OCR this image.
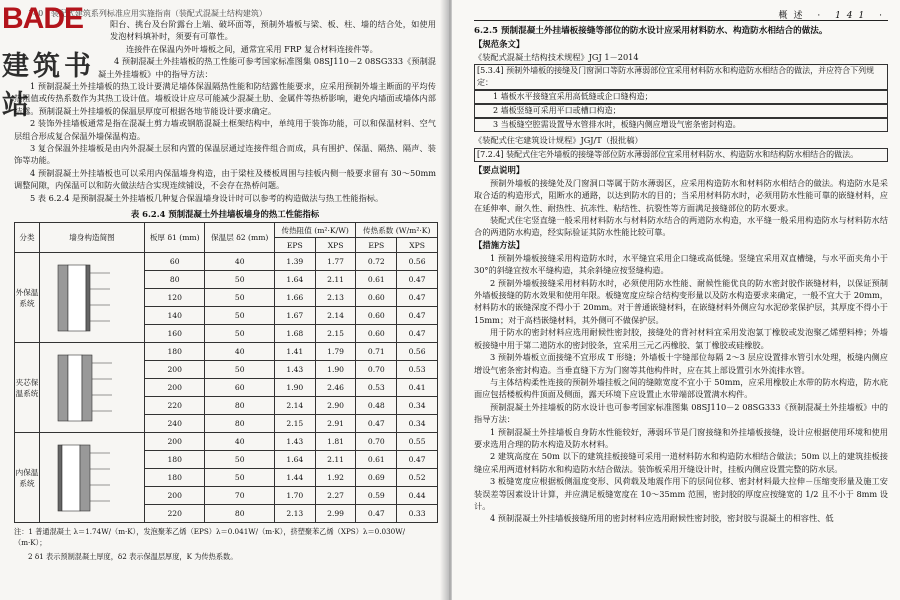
140 · 装配式建筑系列标准应用实施指南（装配式混凝土结构建筑）

阳台、挑台及台阶露台上端、破坏面等，预制外墙板与梁、板、柱、墙的结合处，如使用发泡材料填补时，须要有可靠性。

连接件在保温内外叶墙板之间，通常宜采用 FRP 复合材料连接件等。

4 预制混凝土外挂墙板的热工性能可参考国家标准图集 08SJ110－2 08SG333《预制混凝土外挂墙板》中的指导方法：

1 预制混凝土外挂墙板的热工设计要满足墙体保温隔热性能和防结露性能要求，应采用预制外墙主断面的平均传热阻值或传热系数作为其热工设计值。墙板设计应尽可能减少混凝土肋、金属件等热桥影响，避免内墙面或墙体内部结露。预制混凝土外挂墙板的保温层厚度可根据各地节能设计要求确定。

2 装饰外挂墙板通常是指在混凝土剪力墙或钢筋混凝土框架结构中，单纯用于装饰功能，可以和保温材料、空气层组合形成复合保温外墙保温构造。

3 复合保温外挂墙板是由内外混凝土层和内置的保温层通过连接件组合而成，具有围护、保温、隔热、隔声、装饰等功能。

4 预制混凝土外挂墙板也可以采用内保温墙身构造，由于梁柱及楼板周围与挂板内侧一般要求留有 30～50mm 调整间隙，内保温可以和防火做法结合实现连续铺设，不会存在热桥问题。

5 表 6.2.4 是预制混凝土外挂墙板几种复合保温墙身设计时可以参考的构造做法与热工性能指标。

表 6.2.4 预制混凝土外挂墙板墙身的热工性能指标
分类	墙身构造简图	板厚 δ1 (mm)	保温层 δ2 (mm)	传热阻值 (m²·K/W)		传热系数 (W/m²·K)	
				EPS	XPS	EPS	XPS
外保温系统		60	40	1.39	1.77	0.72	0.56
		80	50	1.64	2.11	0.61	0.47
		120	50	1.66	2.13	0.60	0.47
		140	50	1.67	2.14	0.60	0.47
		160	50	1.68	2.15	0.60	0.47
夹芯保温系统		180	40	1.41	1.79	0.71	0.56
		200	50	1.43	1.90	0.70	0.53
		200	60	1.90	2.46	0.53	0.41
		220	80	2.14	2.90	0.48	0.34
		240	80	2.15	2.91	0.47	0.34
内保温系统		200	40	1.43	1.81	0.70	0.55
		180	50	1.64	2.11	0.61	0.47
		180	50	1.44	1.92	0.69	0.52
		200	70	1.70	2.27	0.59	0.44
		220	80	2.13	2.99	0.47	0.33

注：1 普通混凝土 λ＝1.74W/（m·K），发泡聚苯乙烯（EPS）λ＝0.041W/（m·K），挤塑聚苯乙烯（XPS）λ＝0.030W/（m·K）；

2 δ1 表示预制混凝土厚度，δ2 表示保温层厚度，K 为传热系数。

BADE
建筑书站
概述 · 141 ·

6.2.5 预制混凝土外挂墙板接缝等部位的防水设计应采用材料防水、构造防水相结合的做法。

【规范条文】

《装配式混凝土结构技术规程》JGJ 1－2014

[5.3.4] 预制外墙板的接缝及门窗洞口等防水薄弱部位宜采用材料防水和构造防水相结合的做法，并应符合下列规定：

1 墙板水平接缝宜采用高低缝或企口缝构造；

2 墙板竖缝可采用平口或槽口构造；

3 当板缝空腔需设置导水管排水时，板缝内侧应增设气密条密封构造。

《装配式住宅建筑设计规程》JGJ/T（报批稿）

[7.2.4] 装配式住宅外墙板的接缝等部位防水薄弱部位宜采用材料防水、构造防水和结构防水相结合的做法。

【要点说明】

预制外墙板的接缝处及门窗洞口等属于防水薄弱区，应采用构造防水和材料防水相结合的做法。构造防水是采取合适的构造形式，阻断水的通路，以达到防水的目的；当采用材料防水时，必须用防水性能可靠的嵌缝材料，应在延伸率、耐久性、耐热性、抗冻性、粘结性、抗裂性等方面满足接缝部位的防水要求。

装配式住宅竖直缝一般采用材料防水与材料防水结合的两道防水构造，水平缝一般采用构造防水与材料防水结合的两道防水构造，经实际验证其防水性能比较可靠。

【措施方法】

1 预制外墙板接缝采用构造防水时，水平缝宜采用企口缝或高低缝。竖缝宜采用双直槽缝，与水平面夹角小于 30°的斜缝宜按水平缝构造，其余斜缝应按竖缝构造。

2 预制外墙板接缝采用材料防水时，必须使用防水性能、耐候性能优良的防水密封胶作嵌缝材料，以保证预制外墙板接缝的防水效果和使用年限。板缝宽度应综合结构变形量以及防水构造要求来确定，一般不宜大于 20mm，材料防水的嵌缝深度不得小于 20mm。对于普通嵌缝材料，在嵌缝材料外侧应勾水泥砂浆保护层，其厚度不得小于 15mm；对于高档嵌缝材料，其外侧可不做保护层。

用于防水的密封材料应选用耐候性密封胶，接缝处的背衬材料宜采用发泡氯丁橡胶或发泡聚乙烯塑料棒；外墙板接缝中用于第二道防水的密封胶条，宜采用三元乙丙橡胶、氯丁橡胶或硅橡胶。

3 预制外墙板立面接缝不宜形成 T 形缝；外墙板十字缝部位每隔 2～3 层应设置排水管引水处理，板缝内侧应增设气密条密封构造。当垂直缝下方为门窗等其他构件时，应在其上部设置引水外流排水管。

与主体结构柔性连接的预制外墙挂板之间的缝隙宽度不宜小于 50mm，应采用橡胶止水带的防水构造，防水庇面应包括楼板构件顶面及侧面，露天环境下应设置止水带端部设置满水构件。

预制混凝土外挂墙板的防水设计也可参考国家标准图集 08SJ110－2 08SG333《预制混凝土外挂墙板》中的指导方法：

1 预制混凝土外挂墙板自身防水性能较好，薄弱环节是门窗接缝和外挂墙板接缝，设计应根据使用环境和使用要求选用合理的防水构造及防水材料。

2 建筑高度在 50m 以下的建筑挂板接缝可采用一道材料防水和构造防水相结合做法；50m 以上的建筑挂板接缝应采用两道材料防水和构造防水结合做法。装饰板采用开缝设计时，挂板内侧应设置完整的防水层。

3 板缝宽度应根据板侧温度变形、风荷载及地震作用下的层间位移、密封材料最大拉伸－压缩变形量及施工安装误差等因素设计计算，并应满足板缝宽度在 10～35mm 范围，密封胶的厚度应按缝宽的 1/2 且不小于 8mm 设计。

4 预制混凝土外挂墙板接缝所用的密封材料应选用耐候性密封胶，密封胶与混凝土的相容性、低
